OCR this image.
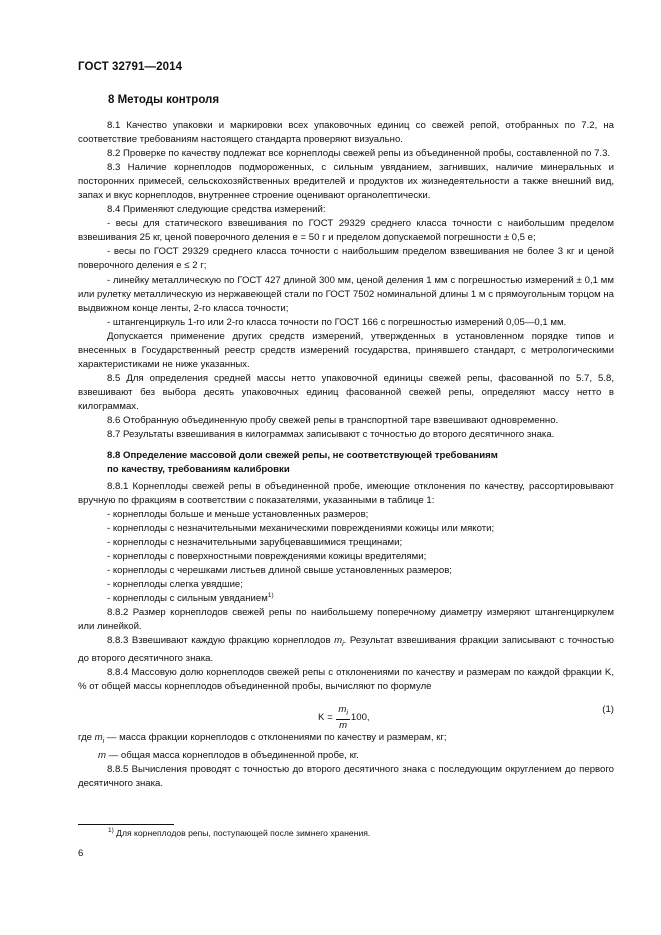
ГОСТ 32791—2014
8 Методы контроля

8.1 Качество упаковки и маркировки всех упаковочных единиц со свежей репой, отобранных по 7.2, на соответствие требованиям настоящего стандарта проверяют визуально.

8.2 Проверке по качеству подлежат все корнеплоды свежей репы из объединенной пробы, составленной по 7.3.

8.3 Наличие корнеплодов подмороженных, с сильным увяданием, загнивших, наличие минеральных и посторонних примесей, сельскохозяйственных вредителей и продуктов их жизнедеятельности а также внешний вид, запах и вкус корнеплодов, внутреннее строение оценивают органолептически.

8.4 Применяют следующие средства измерений:

- весы для статического взвешивания по ГОСТ 29329 среднего класса точности с наибольшим пределом взвешивания 25 кг, ценой поверочного деления е = 50 г и пределом допускаемой погрешности ± 0,5 е;

- весы по ГОСТ 29329 среднего класса точности с наибольшим пределом взвешивания не более 3 кг и ценой поверочного деления е ≤ 2 г;

- линейку металлическую по ГОСТ 427 длиной 300 мм, ценой деления 1 мм с погрешностью измерений ± 0,1 мм или рулетку металлическую из нержавеющей стали по ГОСТ 7502 номинальной длины 1 м с прямоугольным торцом на выдвижном конце ленты, 2-го класса точности;

- штангенциркуль 1-го или 2-го класса точности по ГОСТ 166 с погрешностью измерений 0,05—0,1 мм.

Допускается применение других средств измерений, утвержденных в установленном порядке типов и внесенных в Государственный реестр средств измерений государства, принявшего стандарт, с метрологическими характеристиками не ниже указанных.

8.5 Для определения средней массы нетто упаковочной единицы свежей репы, фасованной по 5.7, 5.8, взвешивают без выбора десять упаковочных единиц фасованной свежей репы, определяют массу нетто в килограммах.

8.6 Отобранную объединенную пробу свежей репы в транспортной таре взвешивают одновременно.

8.7 Результаты взвешивания в килограммах записывают с точностью до второго десятичного знака.

8.8 Определение массовой доли свежей репы, не соответствующей требованиям
по качеству, требованиям калибровки

8.8.1 Корнеплоды свежей репы в объединенной пробе, имеющие отклонения по качеству, рассортировывают вручную по фракциям в соответствии с показателями, указанными в таблице 1:

- корнеплоды больше и меньше установленных размеров;

- корнеплоды с незначительными механическими повреждениями кожицы или мякоти;

- корнеплоды с незначительными зарубцевавшимися трещинами;

- корнеплоды с поверхностными повреждениями кожицы вредителями;

- корнеплоды с черешками листьев длиной свыше установленных размеров;

- корнеплоды слегка увядшие;

- корнеплоды с сильным увяданием$^{1)}$

8.8.2 Размер корнеплодов свежей репы по наибольшему поперечному диаметру измеряют штангенциркулем или линейкой.

8.8.3 Взвешивают каждую фракцию корнеплодов $m_i$. Результат взвешивания фракции записывают с точностью до второго десятичного знака.

8.8.4 Массовую долю корнеплодов свежей репы с отклонениями по качеству и размерам по каждой фракции K, % от общей массы корнеплодов объединенной пробы, вычисляют по формуле

$K = \frac{m_i}{m} 100$,
(1)

где $m_i$ — масса фракции корнеплодов с отклонениями по качеству и размерам, кг;

m — общая масса корнеплодов в объединенной пробе, кг.

8.8.5 Вычисления проводят с точностью до второго десятичного знака с последующим округлением до первого десятичного знака.

$^{1)}$ Для корнеплодов репы, поступающей после зимнего хранения.
6
